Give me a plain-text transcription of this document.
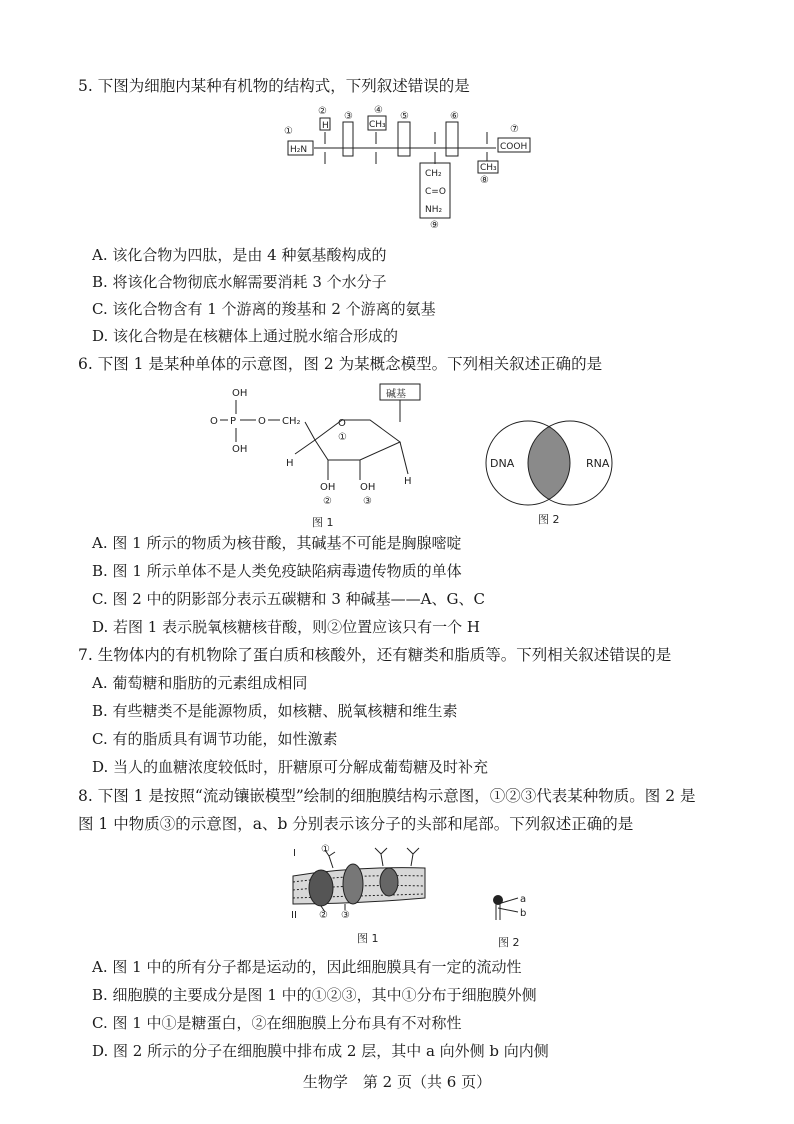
5. 下图为细胞内某种有机物的结构式，下列叙述错误的是
①
② ③
④
⑤	⑥
⑦
⑧
⑨
H₂N	COOH
CH₃
CH₃
CH₂
C=O
NH₂
H
A. 该化合物为四肽，是由 4 种氨基酸构成的
B. 将该化合物彻底水解需要消耗 3 个水分子
C. 该化合物含有 1 个游离的羧基和 2 个游离的氨基
D. 该化合物是在核糖体上通过脱水缩合形成的
6. 下图 1 是某种单体的示意图，图 2 为某概念模型。下列相关叙述正确的是
OH
O P O CH₂
OH
O
碱基
H
H
OH OH
①
②	③
图 1
DNA	RNA
图 2
A. 图 1 所示的物质为核苷酸，其碱基不可能是胸腺嘧啶
B. 图 1 所示单体不是人类免疫缺陷病毒遗传物质的单体
C. 图 2 中的阴影部分表示五碳糖和 3 种碱基——A、G、C
D. 若图 1 表示脱氧核糖核苷酸，则②位置应该只有一个 H
7. 生物体内的有机物除了蛋白质和核酸外，还有糖类和脂质等。下列相关叙述错误的是
A. 葡萄糖和脂肪的元素组成相同
B. 有些糖类不是能源物质，如核糖、脱氧核糖和维生素
C. 有的脂质具有调节功能，如性激素
D. 当人的血糖浓度较低时，肝糖原可分解成葡萄糖及时补充
8. 下图 1 是按照“流动镶嵌模型”绘制的细胞膜结构示意图，①②③代表某种物质。图 2 是
图 1 中物质③的示意图，a、b 分别表示该分子的头部和尾部。下列叙述正确的是
I
II
①
② ③
图 1
a
b
图 2
A. 图 1 中的所有分子都是运动的，因此细胞膜具有一定的流动性
B. 细胞膜的主要成分是图 1 中的①②③，其中①分布于细胞膜外侧
C. 图 1 中①是糖蛋白，②在细胞膜上分布具有不对称性
D. 图 2 所示的分子在细胞膜中排布成 2 层，其中 a 向外侧 b 向内侧
生物学　第 2 页（共 6 页）
